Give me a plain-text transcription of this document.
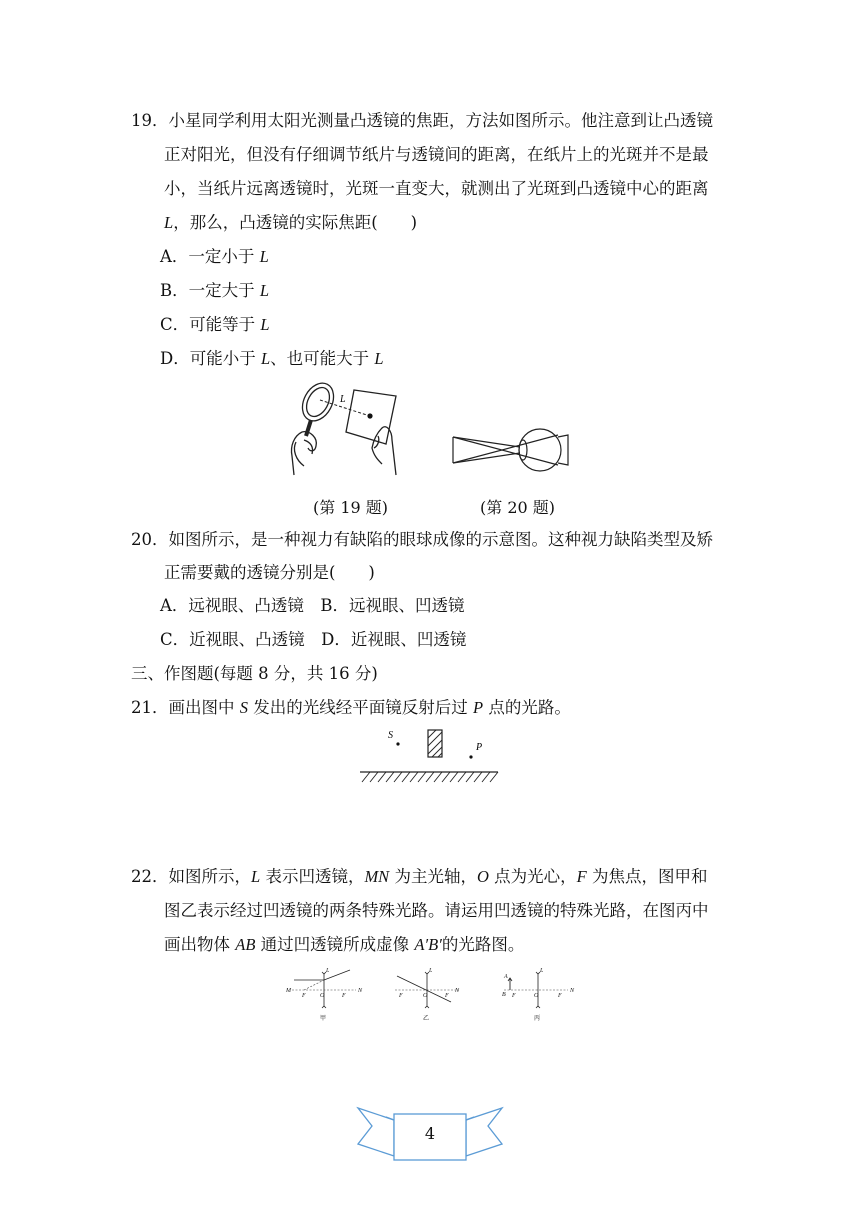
19．小星同学利用太阳光测量凸透镜的焦距，方法如图所示。他注意到让凸透镜
正对阳光，但没有仔细调节纸片与透镜间的距离，在纸片上的光斑并不是最
小，当纸片远离透镜时，光斑一直变大，就测出了光斑到凸透镜中心的距离
L，那么，凸透镜的实际焦距(　　)
A．一定小于 L
B．一定大于 L
C．可能等于 L
D．可能小于 L、也可能大于 L
L
(第 19 题)	(第 20 题)
20．如图所示，是一种视力有缺陷的眼球成像的示意图。这种视力缺陷类型及矫
正需要戴的透镜分别是(　　)
A．远视眼、凸透镜　B．远视眼、凹透镜
C．近视眼、凸透镜　D．近视眼、凹透镜
三、作图题(每题 8 分，共 16 分)
21．画出图中 S 发出的光线经平面镜反射后过 P 点的光路。
S
P
22．如图所示，L 表示凹透镜，MN 为主光轴，O 点为光心，F 为焦点，图甲和
图乙表示经过凹透镜的两条特殊光路。请运用凹透镜的特殊光路，在图丙中
画出物体 AB 通过凹透镜所成虚像 A′B′的光路图。
M
F O	F
N
L
甲
F	O	F
N
L
乙
A
B F	O	F
N
L
丙
4
